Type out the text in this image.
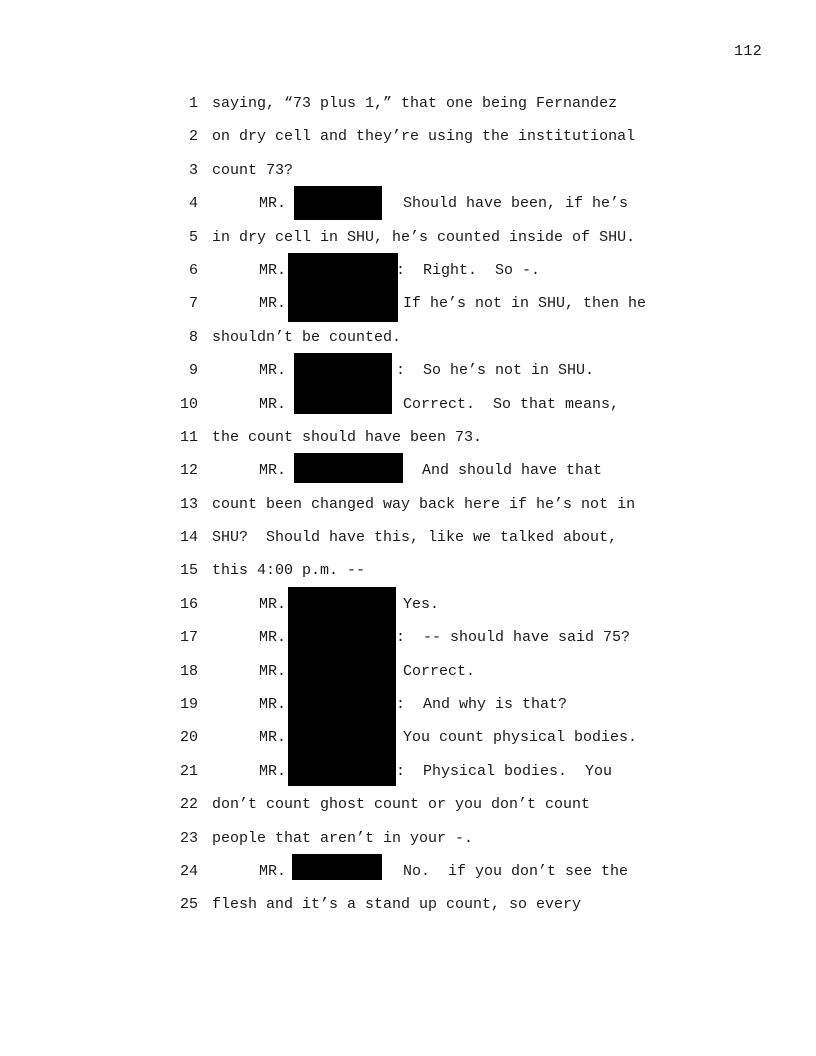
112
1 saying, “73 plus 1,” that one being Fernandez
2 on dry cell and they’re using the institutional
3 count 73?
4	MR.	Should have been, if he’s
5 in dry cell in SHU, he’s counted inside of SHU.
6	MR.	:  Right.  So -.
7	MR.	If he’s not in SHU, then he
8 shouldn’t be counted.
9	MR.	:  So he’s not in SHU.
10	MR.	Correct.  So that means,
11 the count should have been 73.
12	MR.	And should have that
13 count been changed way back here if he’s not in
14 SHU?  Should have this, like we talked about,
15 this 4:00 p.m. --
16	MR.	Yes.
17	MR.	:  -- should have said 75?
18	MR.	Correct.
19	MR.	:  And why is that?
20	MR.	You count physical bodies.
21	MR.	:  Physical bodies.  You
22 don’t count ghost count or you don’t count
23 people that aren’t in your -.
24	MR.	No.  if you don’t see the
25 flesh and it’s a stand up count, so every
